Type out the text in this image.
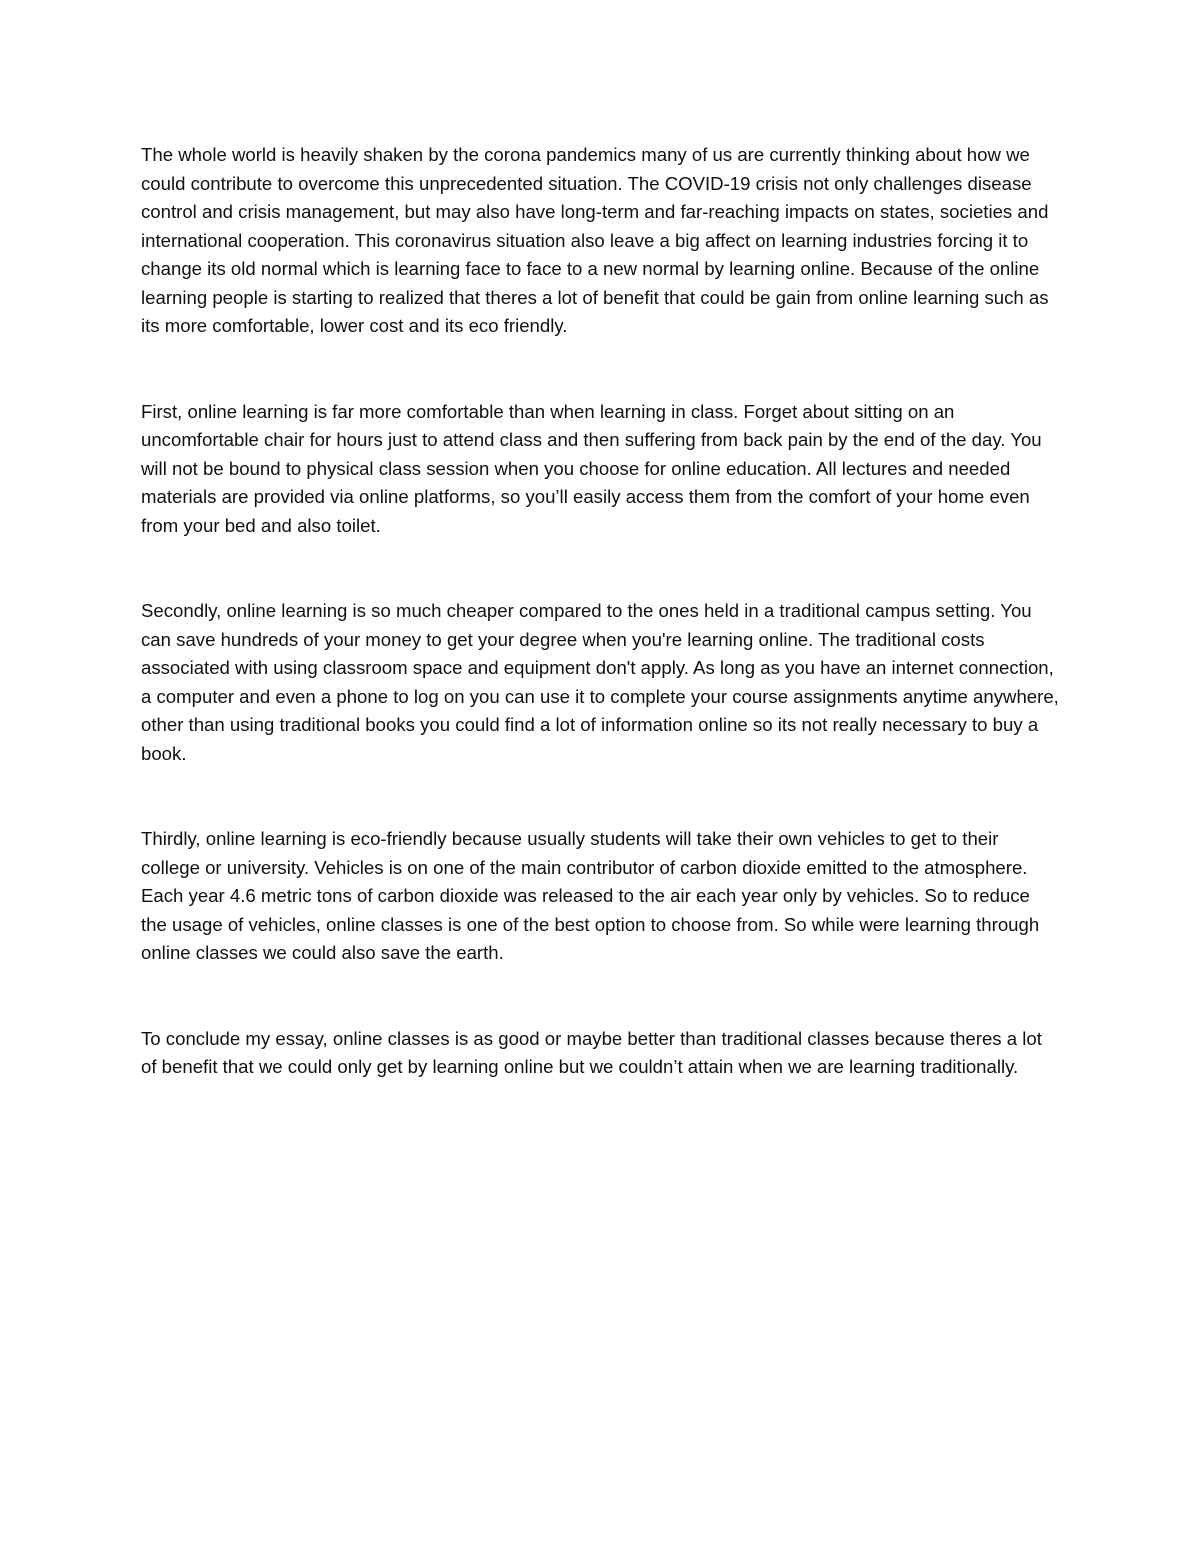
The whole world is heavily shaken by the corona pandemics many of us are currently thinking about how we could contribute to overcome this unprecedented situation. The COVID-19 crisis not only challenges disease control and crisis management, but may also have long-term and far-reaching impacts on states, societies and international cooperation. This coronavirus situation also leave a big affect on learning industries forcing it to change its old normal which is learning face to face to a new normal by learning online. Because of the online learning people is starting to realized that theres a lot of benefit that could be gain from online learning such as its more comfortable, lower cost and its eco friendly.

First, online learning is far more comfortable than when learning in class. Forget about sitting on an uncomfortable chair for hours just to attend class and then suffering from back pain by the end of the day. You will not be bound to physical class session when you choose for online education. All lectures and needed materials are provided via online platforms, so you’ll easily access them from the comfort of your home even from your bed and also toilet.

Secondly, online learning is so much cheaper compared to the ones held in a traditional campus setting. You can save hundreds of your money to get your degree when you're learning online. The traditional costs associated with using classroom space and equipment don't apply. As long as you have an internet connection, a computer and even a phone to log on you can use it to complete your course assignments anytime anywhere, other than using traditional books you could find a lot of information online so its not really necessary to buy a book.

Thirdly, online learning is eco-friendly because usually students will take their own vehicles to get to their college or university. Vehicles is on one of the main contributor of carbon dioxide emitted to the atmosphere. Each year 4.6 metric tons of carbon dioxide was released to the air each year only by vehicles. So to reduce the usage of vehicles, online classes is one of the best option to choose from. So while were learning through online classes we could also save the earth.

To conclude my essay, online classes is as good or maybe better than traditional classes because theres a lot of benefit that we could only get by learning online but we couldn’t attain when we are learning traditionally.
